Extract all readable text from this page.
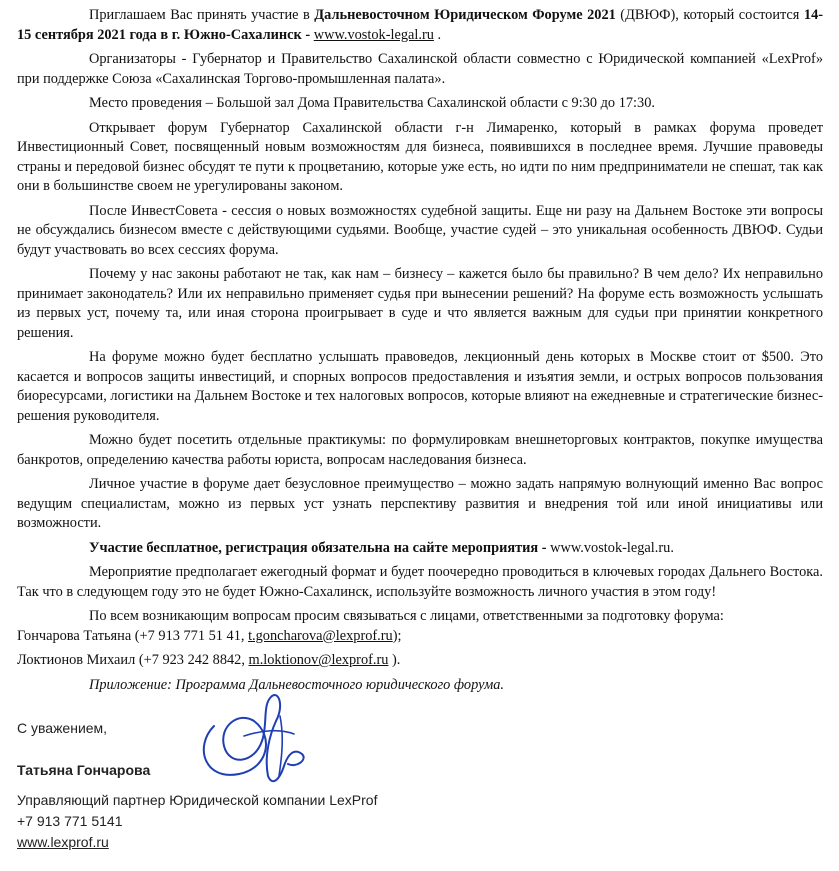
Приглашаем Вас принять участие в Дальневосточном Юридическом Форуме 2021 (ДВЮФ), который состоится 14-15 сентября 2021 года в г. Южно-Сахалинск - www.vostok-legal.ru .

Организаторы - Губернатор и Правительство Сахалинской области совместно с Юридической компанией «LexProf» при поддержке Союза «Сахалинская Торгово-промышленная палата».

Место проведения – Большой зал Дома Правительства Сахалинской области с 9:30 до 17:30.

Открывает форум Губернатор Сахалинской области г-н Лимаренко, который в рамках форума проведет Инвестиционный Совет, посвященный новым возможностям для бизнеса, появившихся в последнее время. Лучшие правоведы страны и передовой бизнес обсудят те пути к процветанию, которые уже есть, но идти по ним предприниматели не спешат, так как они в большинстве своем не урегулированы законом.

После ИнвестСовета - сессия о новых возможностях судебной защиты. Еще ни разу на Дальнем Востоке эти вопросы не обсуждались бизнесом вместе с действующими судьями. Вообще, участие судей – это уникальная особенность ДВЮФ. Судьи будут участвовать во всех сессиях форума.

Почему у нас законы работают не так, как нам – бизнесу – кажется было бы правильно? В чем дело? Их неправильно принимает законодатель? Или их неправильно применяет судья при вынесении решений? На форуме есть возможность услышать из первых уст, почему та, или иная сторона проигрывает в суде и что является важным для судьи при принятии конкретного решения.

На форуме можно будет бесплатно услышать правоведов, лекционный день которых в Москве стоит от $500. Это касается и вопросов защиты инвестиций, и спорных вопросов предоставления и изъятия земли, и острых вопросов пользования биоресурсами, логистики на Дальнем Востоке и тех налоговых вопросов, которые влияют на ежедневные и стратегические бизнес-решения руководителя.

Можно будет посетить отдельные практикумы: по формулировкам внешнеторговых контрактов, покупке имущества банкротов, определению качества работы юриста, вопросам наследования бизнеса.

Личное участие в форуме дает безусловное преимущество – можно задать напрямую волнующий именно Вас вопрос ведущим специалистам, можно из первых уст узнать перспективу развития и внедрения той или иной инициативы или возможности.

Участие бесплатное, регистрация обязательна на сайте мероприятия - www.vostok-legal.ru.

Мероприятие предполагает ежегодный формат и будет поочередно проводиться в ключевых городах Дальнего Востока. Так что в следующем году это не будет Южно-Сахалинск, используйте возможность личного участия в этом году!

По всем возникающим вопросам просим связываться с лицами, ответственными за подготовку форума:

Гончарова Татьяна (+7 913 771 51 41, t.goncharova@lexprof.ru);

Локтионов Михаил (+7 923 242 8842, m.loktionov@lexprof.ru ).

Приложение: Программа Дальневосточного юридического форума.

С уважением,
Татьяна Гончарова
Управляющий партнер Юридической компании LexProf
+7 913 771 5141
www.lexprof.ru
